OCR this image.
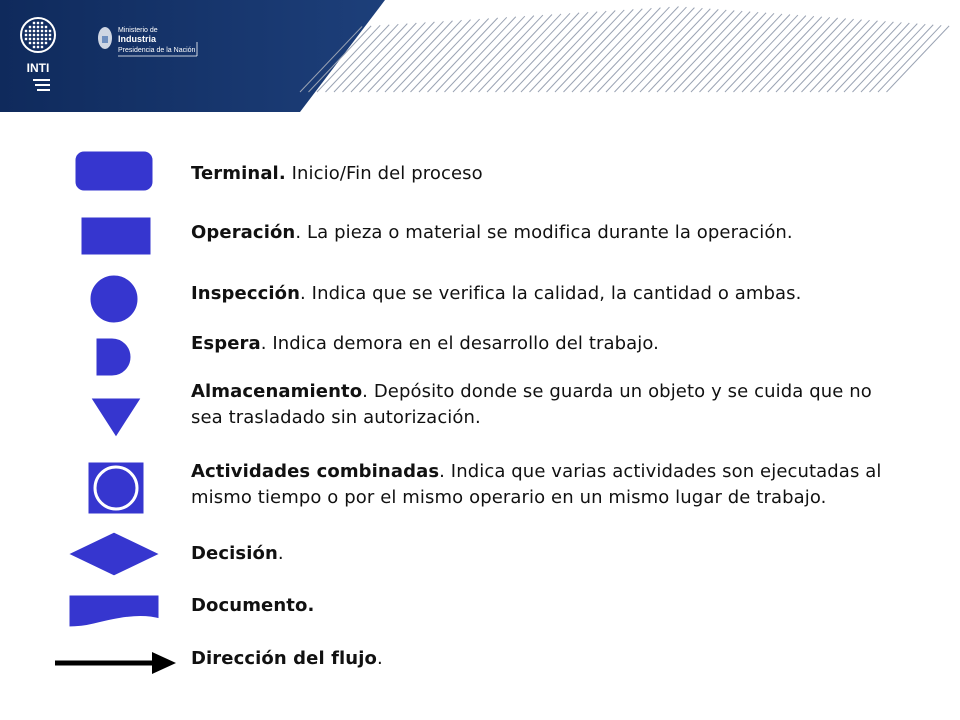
INTI
Ministerio de
Industria
Presidencia de la Nación
Terminal. Inicio/Fin del proceso
Operación. La pieza o material se modifica durante la operación.
Inspección. Indica que se verifica la calidad, la cantidad o ambas.
Espera. Indica demora en el desarrollo del trabajo.
Almacenamiento. Depósito donde se guarda un objeto y se cuida que no sea trasladado sin autorización.
Actividades combinadas. Indica que varias actividades son ejecutadas al mismo tiempo o por el mismo operario en un mismo lugar de trabajo.
Decisión.
Documento.
Dirección del flujo.
